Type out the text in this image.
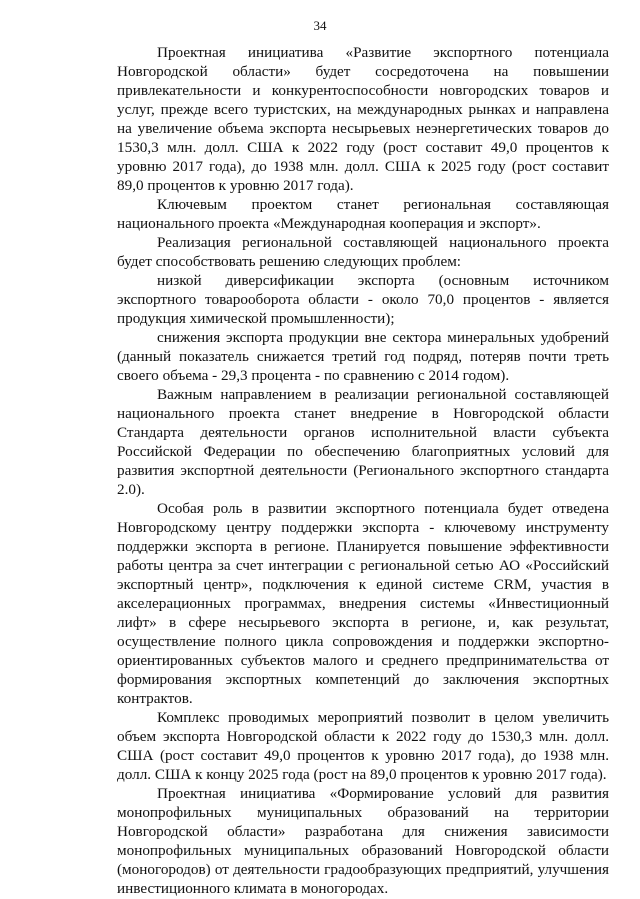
34

Проектная инициатива «Развитие экспортного потенциала Новгородской области» будет сосредоточена на повышении привлекательности и конкурентоспособности новгородских товаров и услуг, прежде всего туристских, на международных рынках и направлена на увеличение объема экспорта несырьевых неэнергетических товаров до 1530,3 млн. долл. США к 2022 году (рост составит 49,0 процентов к уровню 2017 года), до 1938 млн. долл. США к 2025 году (рост составит 89,0 процентов к уровню 2017 года).

Ключевым проектом станет региональная составляющая национального проекта «Международная кооперация и экспорт».

Реализация региональной составляющей национального проекта будет способствовать решению следующих проблем:

низкой диверсификации экспорта (основным источником экспортного товарооборота области - около 70,0 процентов - является продукция химической промышленности);

снижения экспорта продукции вне сектора минеральных удобрений (данный показатель снижается третий год подряд, потеряв почти треть своего объема - 29,3 процента - по сравнению с 2014 годом).

Важным направлением в реализации региональной составляющей национального проекта станет внедрение в Новгородской области Стандарта деятельности органов исполнительной власти субъекта Российской Федерации по обеспечению благоприятных условий для развития экспортной деятельности (Регионального экспортного стандарта 2.0).

Особая роль в развитии экспортного потенциала будет отведена Новгородскому центру поддержки экспорта - ключевому инструменту поддержки экспорта в регионе. Планируется повышение эффективности работы центра за счет интеграции с региональной сетью АО «Российский экспортный центр», подключения к единой системе CRM, участия в акселерационных программах, внедрения системы «Инвестиционный лифт» в сфере несырьевого экспорта в регионе, и, как результат, осуществление полного цикла сопровождения и поддержки экспортно-ориентированных субъектов малого и среднего предпринимательства от формирования экспортных компетенций до заключения экспортных контрактов.

Комплекс проводимых мероприятий позволит в целом увеличить объем экспорта Новгородской области к 2022 году до 1530,3 млн. долл. США (рост составит 49,0 процентов к уровню 2017 года), до 1938 млн. долл. США к концу 2025 года (рост на 89,0 процентов к уровню 2017 года).

Проектная инициатива «Формирование условий для развития монопрофильных муниципальных образований на территории Новгородской области» разработана для снижения зависимости монопрофильных муниципальных образований Новгородской области (моногородов) от деятельности градообразующих предприятий, улучшения инвестиционного климата в моногородах.
